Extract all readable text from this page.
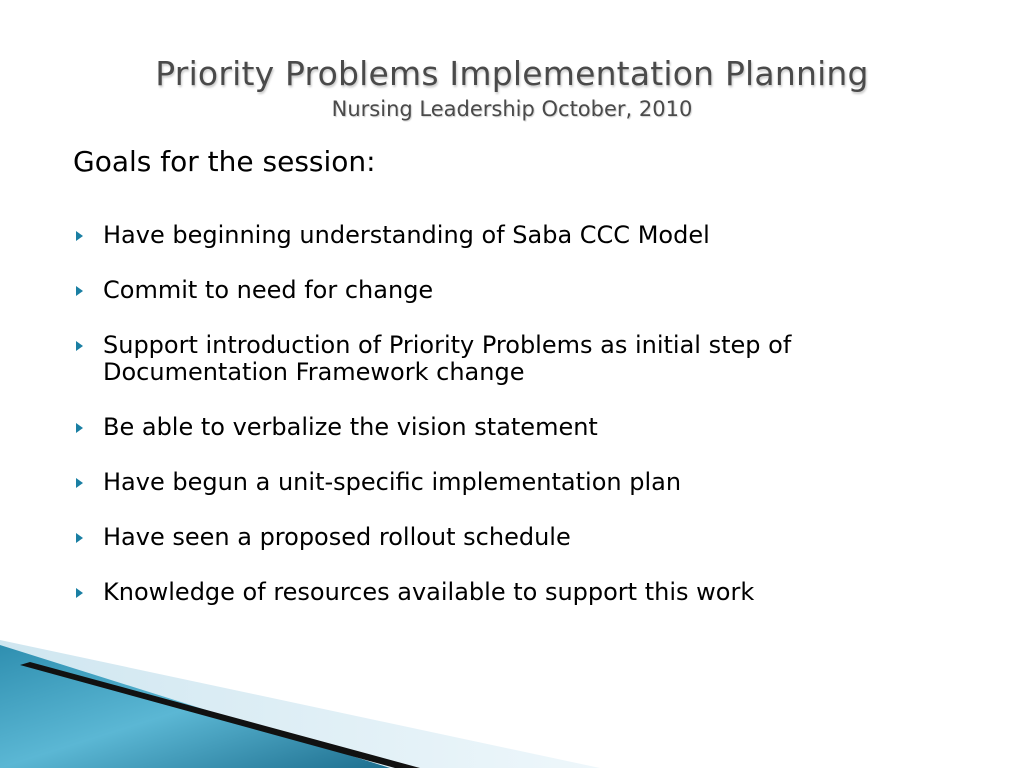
Priority Problems Implementation Planning
Nursing Leadership October, 2010
Goals for the session:
Have beginning understanding of Saba CCC Model
Commit to need for change
Support introduction of Priority Problems as initial step of Documentation Framework change
Be able to verbalize the vision statement
Have begun a unit-specific implementation plan
Have seen a proposed rollout schedule
Knowledge of resources available to support this work
